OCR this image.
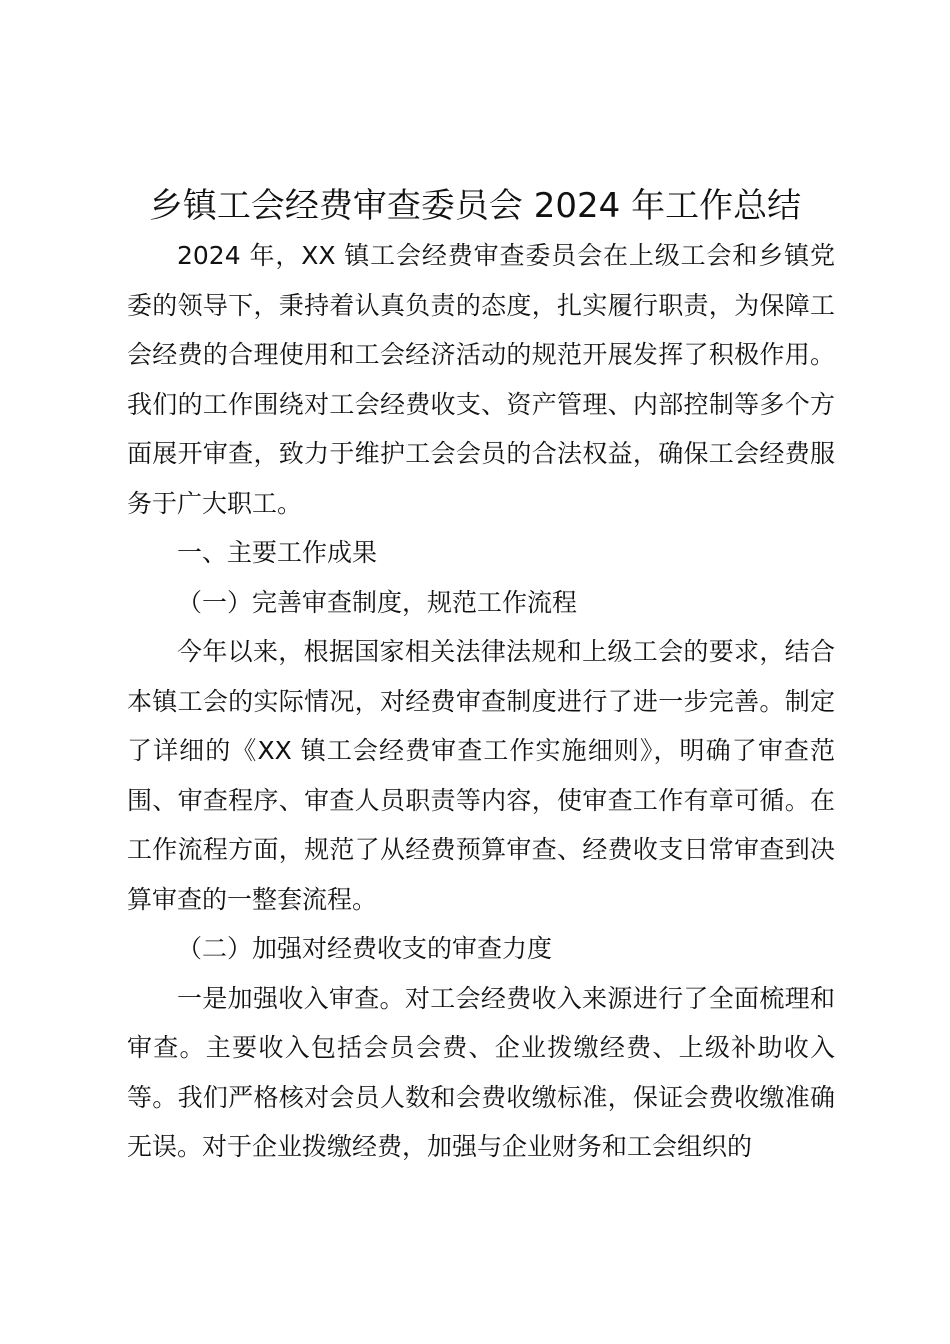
乡镇工会经费审查委员会 2024 年工作总结

2024 年，XX 镇工会经费审查委员会在上级工会和乡镇党委的领导下，秉持着认真负责的态度，扎实履行职责，为保障工会经费的合理使用和工会经济活动的规范开展发挥了积极作用。我们的工作围绕对工会经费收支、资产管理、内部控制等多个方面展开审查，致力于维护工会会员的合法权益，确保工会经费服务于广大职工。

一、主要工作成果

（一）完善审查制度，规范工作流程

今年以来，根据国家相关法律法规和上级工会的要求，结合本镇工会的实际情况，对经费审查制度进行了进一步完善。制定了详细的《XX 镇工会经费审查工作实施细则》，明确了审查范围、审查程序、审查人员职责等内容，使审查工作有章可循。在工作流程方面，规范了从经费预算审查、经费收支日常审查到决算审查的一整套流程。

（二）加强对经费收支的审查力度

一是加强收入审查。对工会经费收入来源进行了全面梳理和审查。主要收入包括会员会费、企业拨缴经费、上级补助收入等。我们严格核对会员人数和会费收缴标准，保证会费收缴准确无误。对于企业拨缴经费，加强与企业财务和工会组织的
